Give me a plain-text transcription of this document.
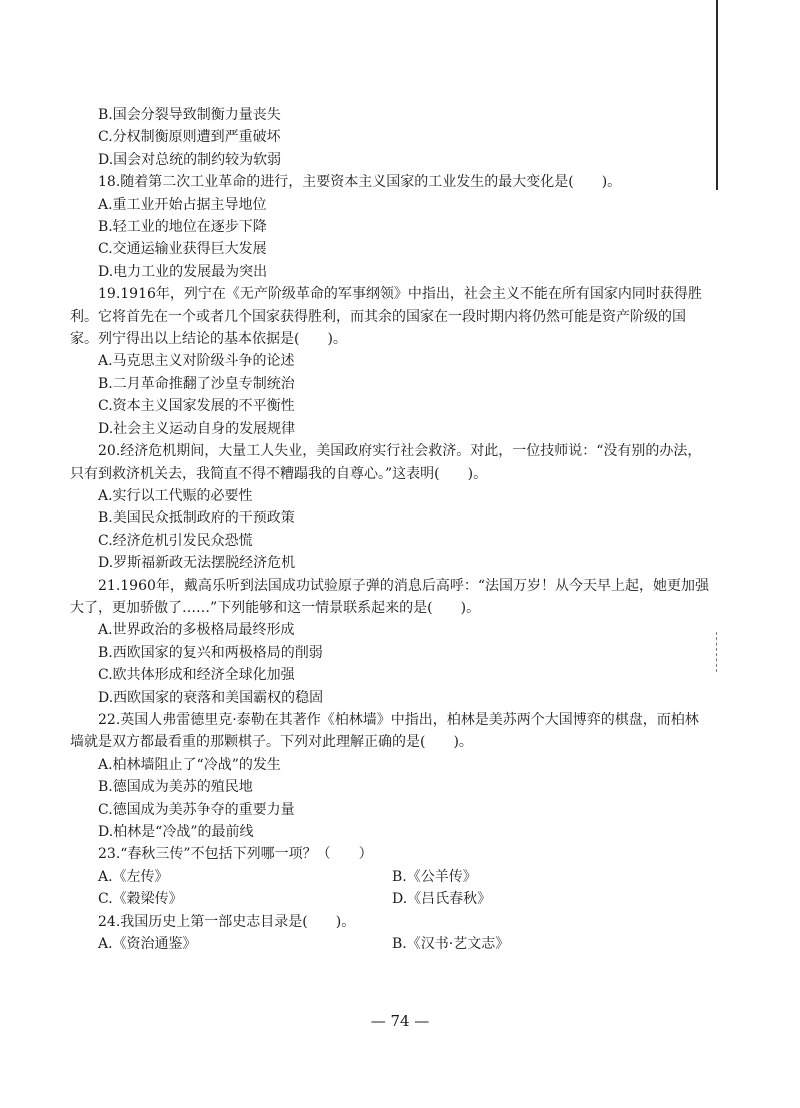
B.国会分裂导致制衡力量丧失
C.分权制衡原则遭到严重破坏
D.国会对总统的制约较为软弱
18.随着第二次工业革命的进行，主要资本主义国家的工业发生的最大变化是(　　)。
A.重工业开始占据主导地位
B.轻工业的地位在逐步下降
C.交通运输业获得巨大发展
D.电力工业的发展最为突出
19.1916年，列宁在《无产阶级革命的军事纲领》中指出，社会主义不能在所有国家内同时获得胜利。它将首先在一个或者几个国家获得胜利，而其余的国家在一段时期内将仍然可能是资产阶级的国家。列宁得出以上结论的基本依据是(　　)。
A.马克思主义对阶级斗争的论述
B.二月革命推翻了沙皇专制统治
C.资本主义国家发展的不平衡性
D.社会主义运动自身的发展规律
20.经济危机期间，大量工人失业，美国政府实行社会救济。对此，一位技师说：“没有别的办法，只有到救济机关去，我简直不得不糟蹋我的自尊心。”这表明(　　)。
A.实行以工代赈的必要性
B.美国民众抵制政府的干预政策
C.经济危机引发民众恐慌
D.罗斯福新政无法摆脱经济危机
21.1960年，戴高乐听到法国成功试验原子弹的消息后高呼：“法国万岁！从今天早上起，她更加强大了，更加骄傲了……”下列能够和这一情景联系起来的是(　　)。
A.世界政治的多极格局最终形成
B.西欧国家的复兴和两极格局的削弱
C.欧共体形成和经济全球化加强
D.西欧国家的衰落和美国霸权的稳固
22.英国人弗雷德里克·泰勒在其著作《柏林墙》中指出，柏林是美苏两个大国博弈的棋盘，而柏林墙就是双方都最看重的那颗棋子。下列对此理解正确的是(　　)。
A.柏林墙阻止了“冷战”的发生
B.德国成为美苏的殖民地
C.德国成为美苏争夺的重要力量
D.柏林是“冷战”的最前线
23.“春秋三传”不包括下列哪一项？（　　）
A.《左传》	B.《公羊传》
C.《穀梁传》	D.《吕氏春秋》
24.我国历史上第一部史志目录是(　　)。
A.《资治通鉴》	B.《汉书·艺文志》
— 74 —
